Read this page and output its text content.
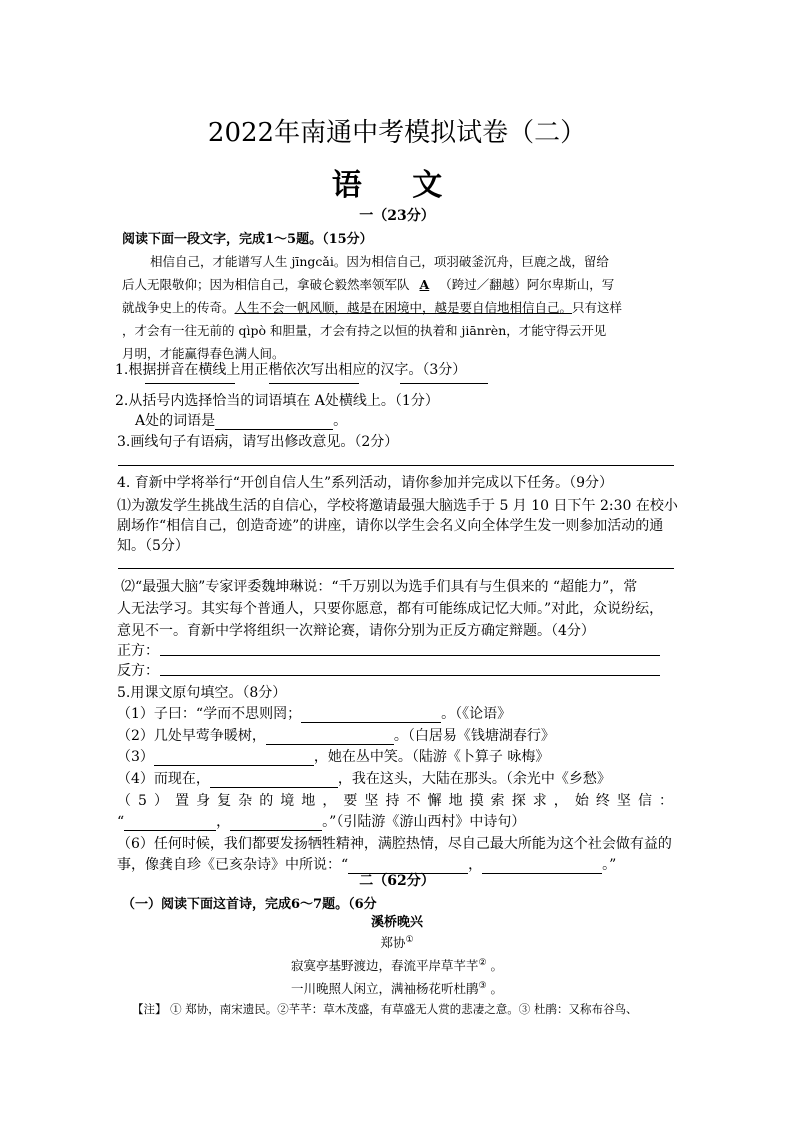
2022年南通中考模拟试卷（二）
语 文
一（23分）
阅读下面一段文字，完成1～5题。（15分）
相信自己，才能谱写人生 jīngcǎi。因为相信自己，项羽破釜沉舟，巨鹿之战，留给
后人无限敬仰；因为相信自己，拿破仑毅然率领军队 A （跨过／翻越）阿尔卑斯山，写
就战争史上的传奇。人生不会一帆风顺，越是在困境中，越是要自信地相信自己。只有这样
，才会有一往无前的 qìpò 和胆量，才会有持之以恒的执着和 jiānrèn，才能守得云开见
月明，才能赢得春色满人间。
1.根据拼音在横线上用正楷依次写出相应的汉字。（3分）
2.从括号内选择恰当的词语填在 A处横线上。（1分）
A处的词语是	。
3.画线句子有语病，请写出修改意见。（2分）
4. 育新中学将举行“开创自信人生”系列活动，请你参加并完成以下任务。（9分）
⑴为激发学生挑战生活的自信心，学校将邀请最强大脑选手于 5 月 10 日下午 2:30 在校小
剧场作“相信自己，创造奇迹”的讲座，请你以学生会名义向全体学生发一则参加活动的通
知。（5分）
⑵“最强大脑”专家评委魏坤琳说：“千万别以为选手们具有与生俱来的 “超能力”，常
人无法学习。其实每个普通人，只要你愿意，都有可能练成记忆大师。”对此，众说纷纭，
意见不一。育新中学将组织一次辩论赛，请你分别为正反方确定辩题。（4分）
正方：
反方：
5.用课文原句填空。（8分）
（1）子曰：“学而不思则罔；	。（《论语》
（2）几处早莺争暖树，	。（白居易《钱塘湖春行》
（3）	，她在丛中笑。（陆游《卜算子 咏梅》
（4）而现在，	，我在这头，大陆在那头。（余光中《乡愁》
（5）置身复杂的境地，要坚持不懈地摸索探求，始终坚信：
“	，	。”（引陆游《游山西村》中诗句）
（6）任何时候，我们都要发扬牺牲精神，满腔热情，尽自己最大所能为这个社会做有益的
事，像龚自珍《已亥杂诗》中所说：“	，	。”
二（62分）
（一）阅读下面这首诗，完成6～7题。（6分
溪桥晚兴
郑协①
寂寞亭基野渡边，春流平岸草芊芊② 。
一川晚照人闲立，满袖杨花听杜鹃③ 。
【注】 ① 郑协，南宋遗民。②芊芊：草木茂盛，有草盛无人赏的悲凄之意。③ 杜鹃：又称布谷鸟、
